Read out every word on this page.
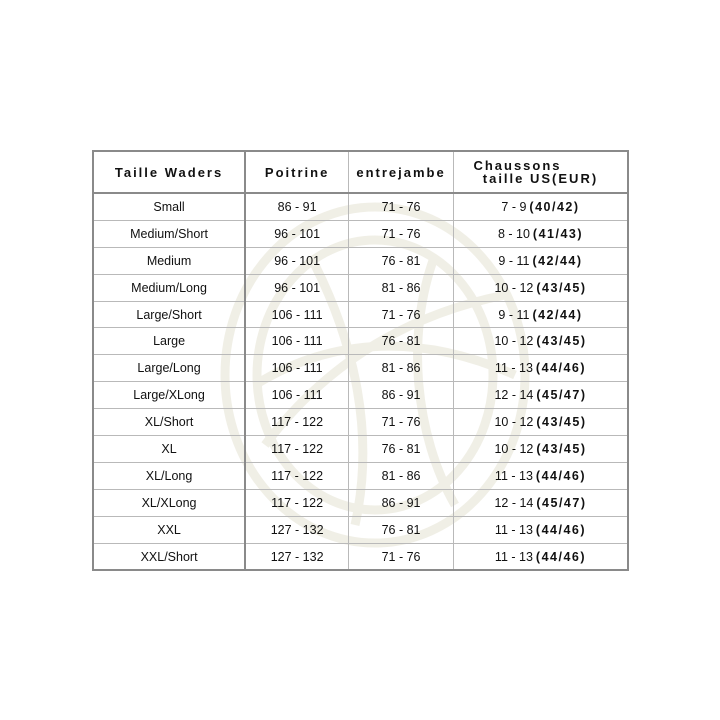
Taille Waders	Poitrine	entrejambe	Chaussons
taille US(EUR)

Small	86 - 91	71 - 76	7 - 9 (40/42)
Medium/Short	96 - 101	71 - 76	8 - 10 (41/43)
Medium	96 - 101	76 - 81	9 - 11 (42/44)
Medium/Long	96 - 101	81 - 86	10 - 12 (43/45)
Large/Short	106 - 111	71 - 76	9 - 11 (42/44)
Large	106 - 111	76 - 81	10 - 12 (43/45)
Large/Long	106 - 111	81 - 86	11 - 13 (44/46)
Large/XLong	106 - 111	86 - 91	12 - 14 (45/47)
XL/Short	117 - 122	71 - 76	10 - 12 (43/45)
XL	117 - 122	76 - 81	10 - 12 (43/45)
XL/Long	117 - 122	81 - 86	11 - 13 (44/46)
XL/XLong	117 - 122	86 - 91	12 - 14 (45/47)
XXL	127 - 132	76 - 81	11 - 13 (44/46)
XXL/Short	127 - 132	71 - 76	11 - 13 (44/46)
